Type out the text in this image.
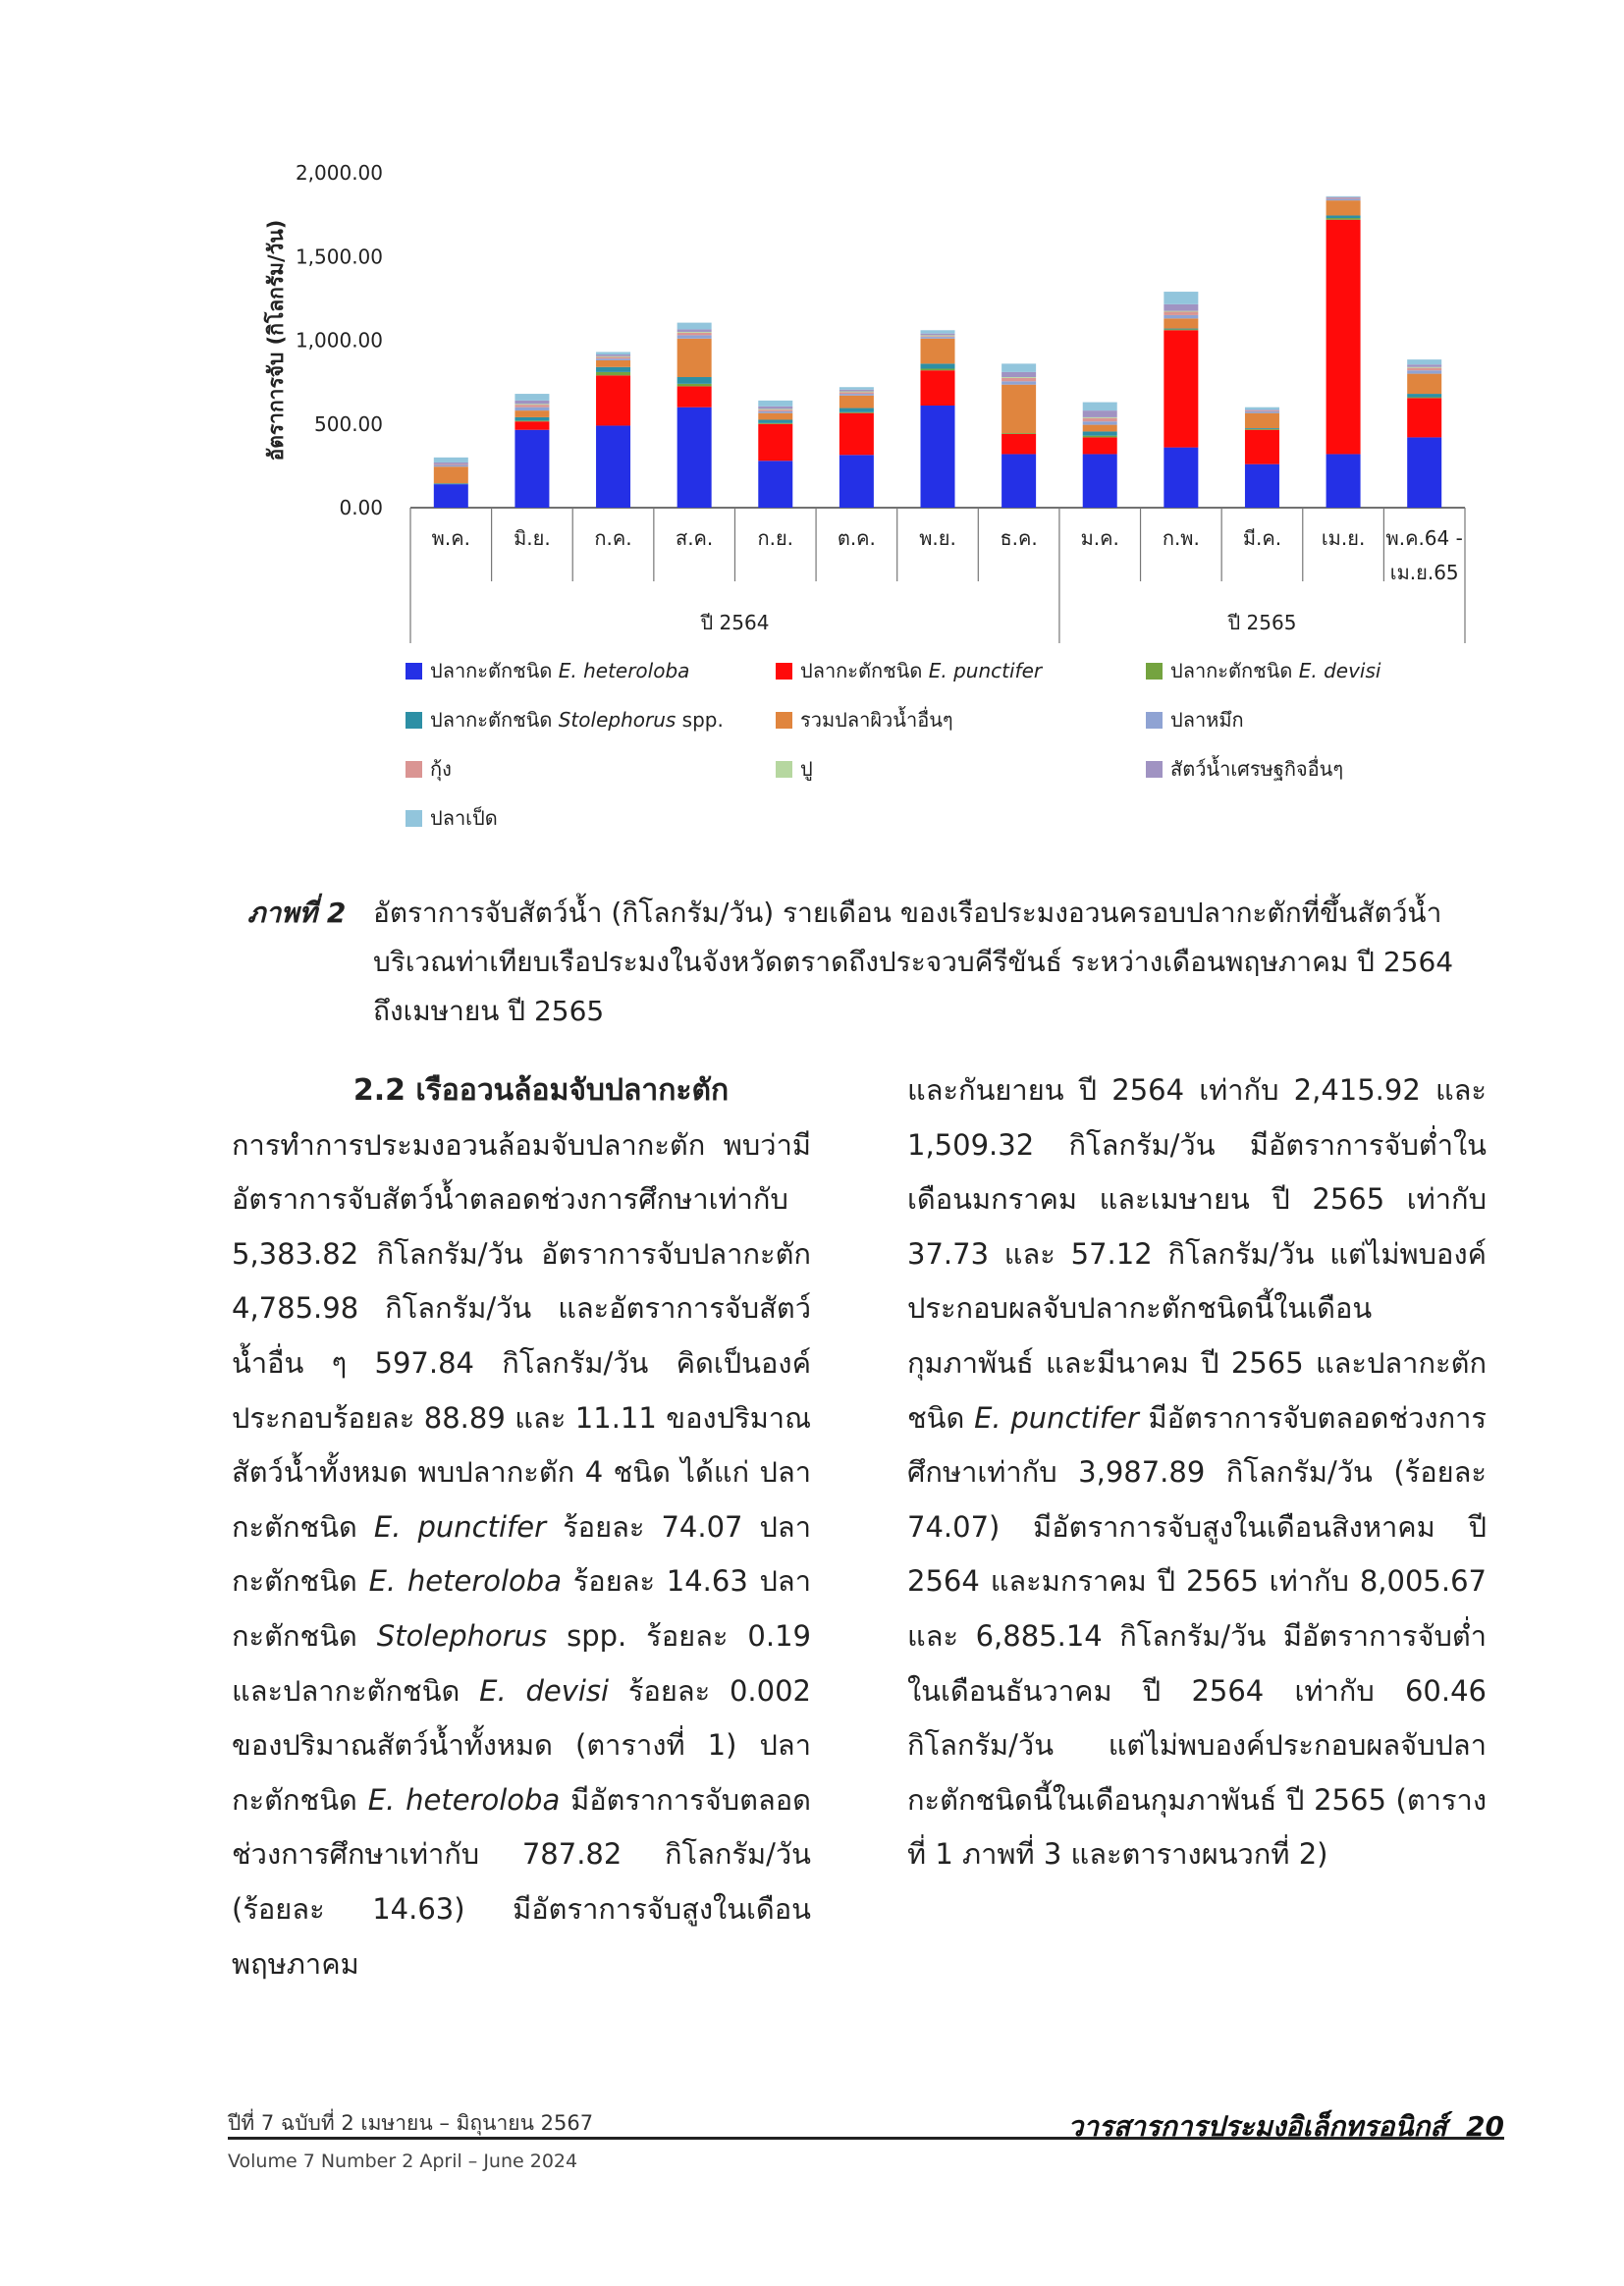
อัตราการจับ (กิโลกรัม/วัน)
0.00
500.00
1,000.00
1,500.00
2,000.00
พ.ค. มิ.ย. ก.ค. ส.ค. ก.ย. ต.ค. พ.ย. ธ.ค. ม.ค. ก.พ. มี.ค. เม.ย. พ.ค.64 -
เม.ย.65
ปี 2564	ปี 2565
ปลากะตักชนิด E. heteroloba	ปลากะตักชนิด E. punctifer	ปลากะตักชนิด E. devisi
ปลากะตักชนิด Stolephorus spp.	รวมปลาผิวน้ำอื่นๆ	ปลาหมึก
กุ้ง	ปู	สัตว์น้ำเศรษฐกิจอื่นๆ
ปลาเป็ด
ภาพที่ 2 อัตราการจับสัตว์น้ำ (กิโลกรัม/วัน) รายเดือน ของเรือประมงอวนครอบปลากะตักที่ขึ้นสัตว์น้ำบริเวณท่าเทียบเรือประมงในจังหวัดตราดถึงประจวบคีรีขันธ์ ระหว่างเดือนพฤษภาคม ปี 2564 ถึงเมษายน ปี 2565
2.2 เรืออวนล้อมจับปลากะตัก

การทำการประมงอวนล้อมจับปลากะตัก พบว่ามีอัตราการจับสัตว์น้ำตลอดช่วงการศึกษาเท่ากับ 5,383.82 กิโลกรัม/วัน อัตราการจับปลากะตัก 4,785.98 กิโลกรัม/วัน และอัตราการจับสัตว์น้ำอื่น ๆ 597.84 กิโลกรัม/วัน คิดเป็นองค์ประกอบร้อยละ 88.89 และ 11.11 ของปริมาณสัตว์น้ำทั้งหมด พบปลากะตัก 4 ชนิด ได้แก่ ปลากะตักชนิด E. punctifer ร้อยละ 74.07 ปลากะตักชนิด E. heteroloba ร้อยละ 14.63 ปลากะตักชนิด Stolephorus spp. ร้อยละ 0.19 และปลากะตักชนิด E. devisi ร้อยละ 0.002 ของปริมาณสัตว์น้ำทั้งหมด (ตารางที่ 1) ปลากะตักชนิด E. heteroloba มีอัตราการจับตลอดช่วงการศึกษาเท่ากับ 787.82 กิโลกรัม/วัน (ร้อยละ 14.63) มีอัตราการจับสูงในเดือนพฤษภาคม

และกันยายน ปี 2564 เท่ากับ 2,415.92 และ 1,509.32 กิโลกรัม/วัน มีอัตราการจับต่ำในเดือนมกราคม และเมษายน ปี 2565 เท่ากับ 37.73 และ 57.12 กิโลกรัม/วัน แต่ไม่พบองค์ประกอบผลจับปลากะตักชนิดนี้ในเดือนกุมภาพันธ์ และมีนาคม ปี 2565 และปลากะตักชนิด E. punctifer มีอัตราการจับตลอดช่วงการศึกษาเท่ากับ 3,987.89 กิโลกรัม/วัน (ร้อยละ 74.07) มีอัตราการจับสูงในเดือนสิงหาคม ปี 2564 และมกราคม ปี 2565 เท่ากับ 8,005.67 และ 6,885.14 กิโลกรัม/วัน มีอัตราการจับต่ำในเดือนธันวาคม ปี 2564 เท่ากับ 60.46 กิโลกรัม/วัน แต่ไม่พบองค์ประกอบผลจับปลากะตักชนิดนี้ในเดือนกุมภาพันธ์ ปี 2565 (ตารางที่ 1 ภาพที่ 3 และตารางผนวกที่ 2)

ปีที่ 7 ฉบับที่ 2 เมษายน – มิถุนายน 2567
Volume 7 Number 2 April – June 2024
วารสารการประมงอิเล็กทรอนิกส์ 20
